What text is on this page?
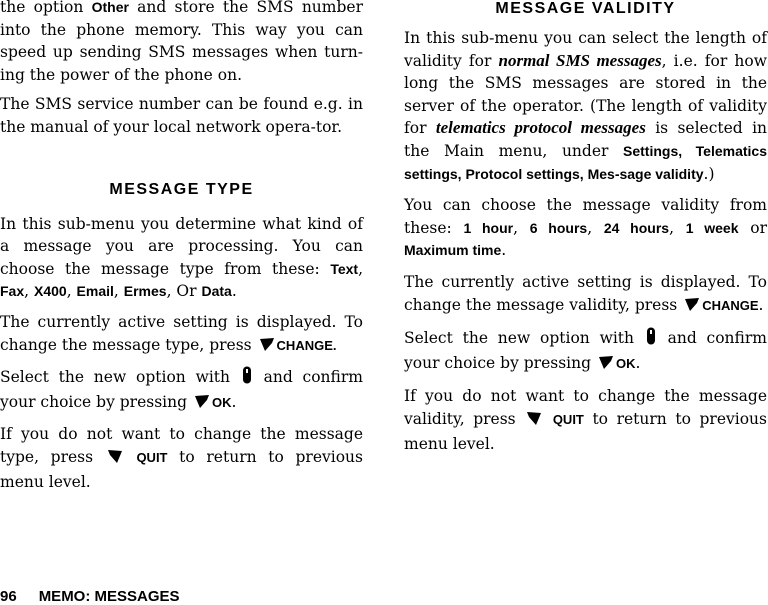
the option Other and store the SMS number into the phone memory. This way you can speed up sending SMS messages when turn-ing the power of the phone on.

The SMS service number can be found e.g. in the manual of your local network opera-tor.

MESSAGE TYPE

In this sub-menu you determine what kind of a message you are processing. You can choose the message type from these: Text, Fax, X400, Email, Ermes, Or Data.

The currently active setting is displayed. To change the message type, press CHANGE.

Select the new option with  and confirm your choice by pressing OK.

If you do not want to change the message type, press  QUIT to return to previous menu level.

MESSAGE VALIDITY

In this sub-menu you can select the length of validity for normal SMS messages, i.e. for how long the SMS messages are stored in the server of the operator. (The length of validity for telematics protocol messages is selected in the Main menu, under Settings, Telematics settings, Protocol settings, Mes-sage validity.)

You can choose the message validity from these: 1 hour, 6 hours, 24 hours, 1 week or Maximum time.

The currently active setting is displayed. To change the message validity, press CHANGE.

Select the new option with  and confirm your choice by pressing OK.

If you do not want to change the message validity, press  QUIT to return to previous menu level.

96 MEMO: MESSAGES
